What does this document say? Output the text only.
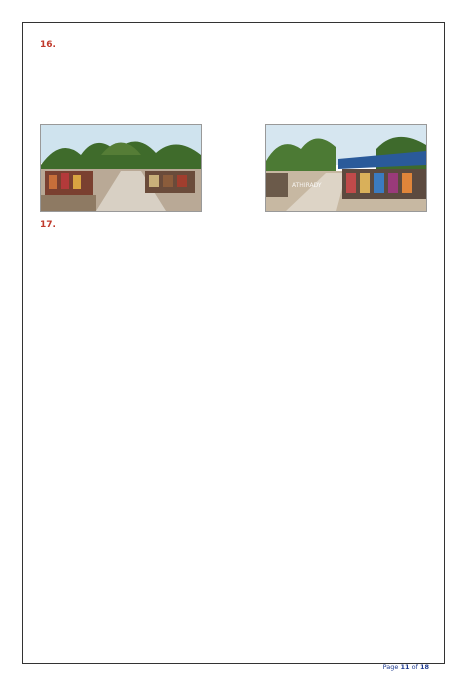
16.

ATHIRADY
17.

Page 11 of 18
